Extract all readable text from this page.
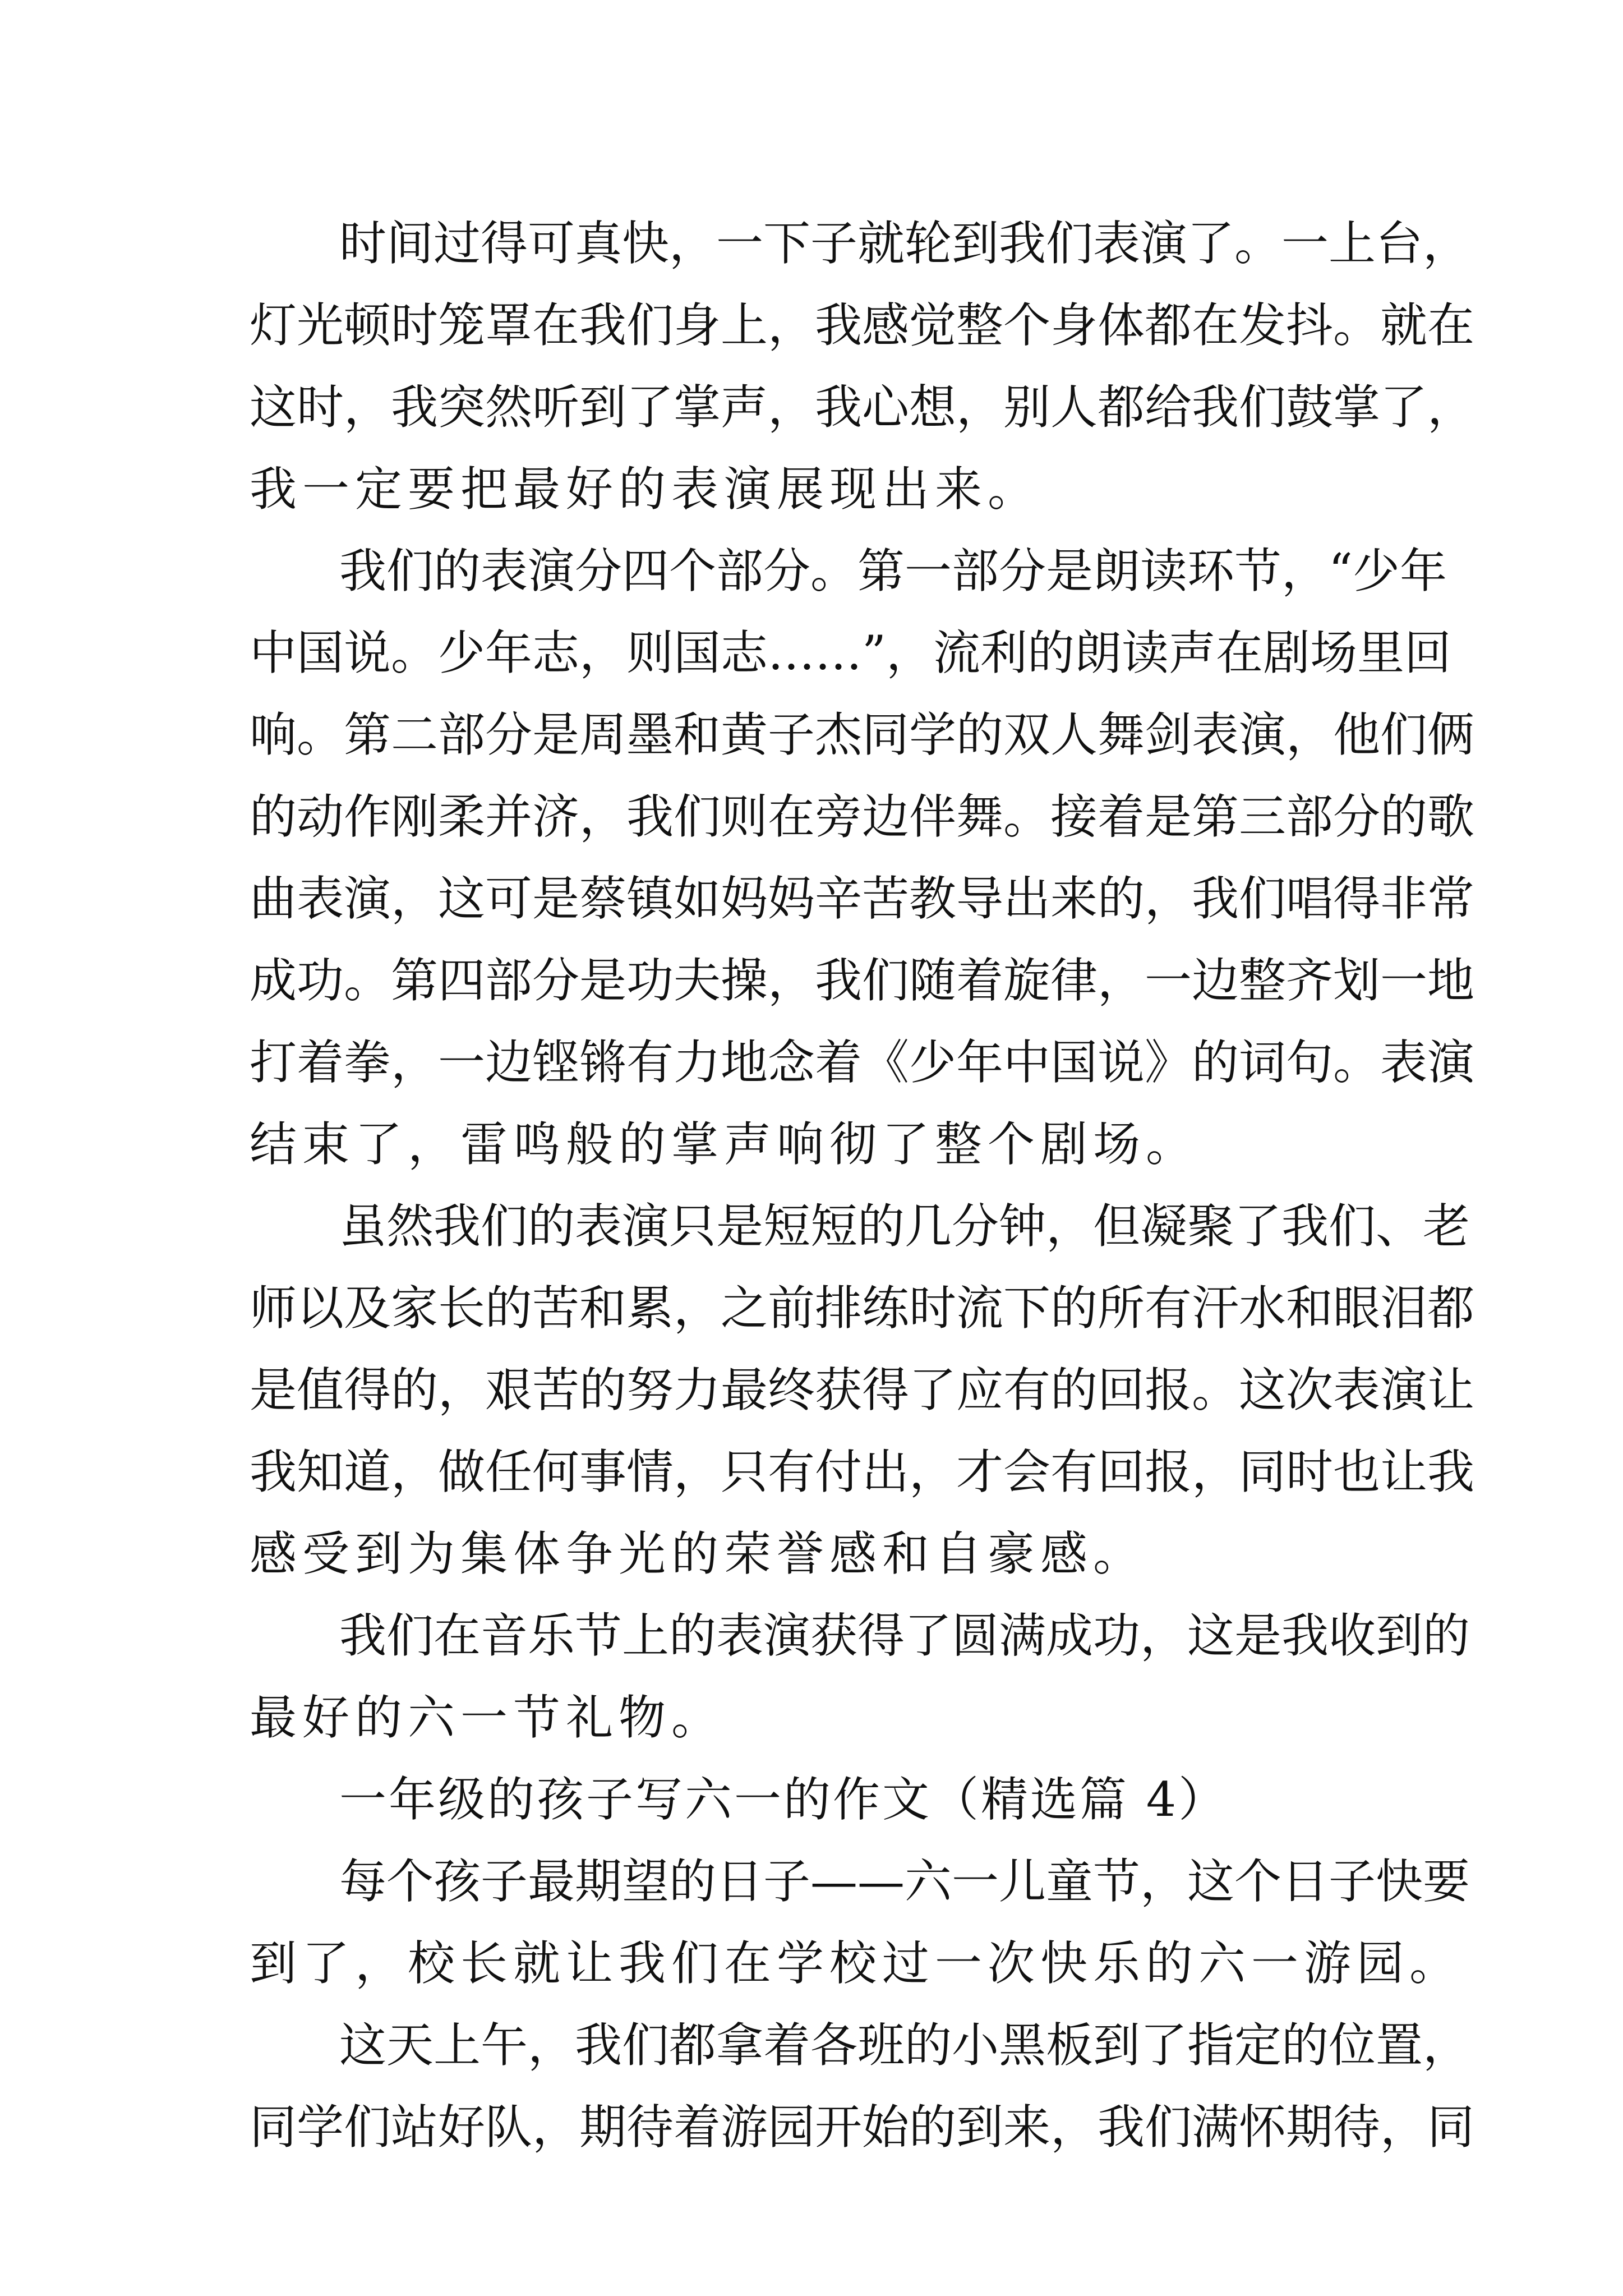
时间过得可真快，一下子就轮到我们表演了。一上台，
灯光顿时笼罩在我们身上，我感觉整个身体都在发抖。就在
这时，我突然听到了掌声，我心想，别人都给我们鼓掌了，
我一定要把最好的表演展现出来。
我们的表演分四个部分。第一部分是朗读环节，“少年
中国说。少年志，则国志……”，流利的朗读声在剧场里回
响。第二部分是周墨和黄子杰同学的双人舞剑表演，他们俩
的动作刚柔并济，我们则在旁边伴舞。接着是第三部分的歌
曲表演，这可是蔡镇如妈妈辛苦教导出来的，我们唱得非常
成功。第四部分是功夫操，我们随着旋律，一边整齐划一地
打着拳，一边铿锵有力地念着《少年中国说》的词句。表演
结束了，雷鸣般的掌声响彻了整个剧场。
虽然我们的表演只是短短的几分钟，但凝聚了我们、老
师以及家长的苦和累，之前排练时流下的所有汗水和眼泪都
是值得的，艰苦的努力最终获得了应有的回报。这次表演让
我知道，做任何事情，只有付出，才会有回报，同时也让我
感受到为集体争光的荣誉感和自豪感。
我们在音乐节上的表演获得了圆满成功，这是我收到的
最好的六一节礼物。
一年级的孩子写六一的作文（精选篇 4）
每个孩子最期望的日子——六一儿童节，这个日子快要
到了，校长就让我们在学校过一次快乐的六一游园。
这天上午，我们都拿着各班的小黑板到了指定的位置，
同学们站好队，期待着游园开始的到来，我们满怀期待，同
